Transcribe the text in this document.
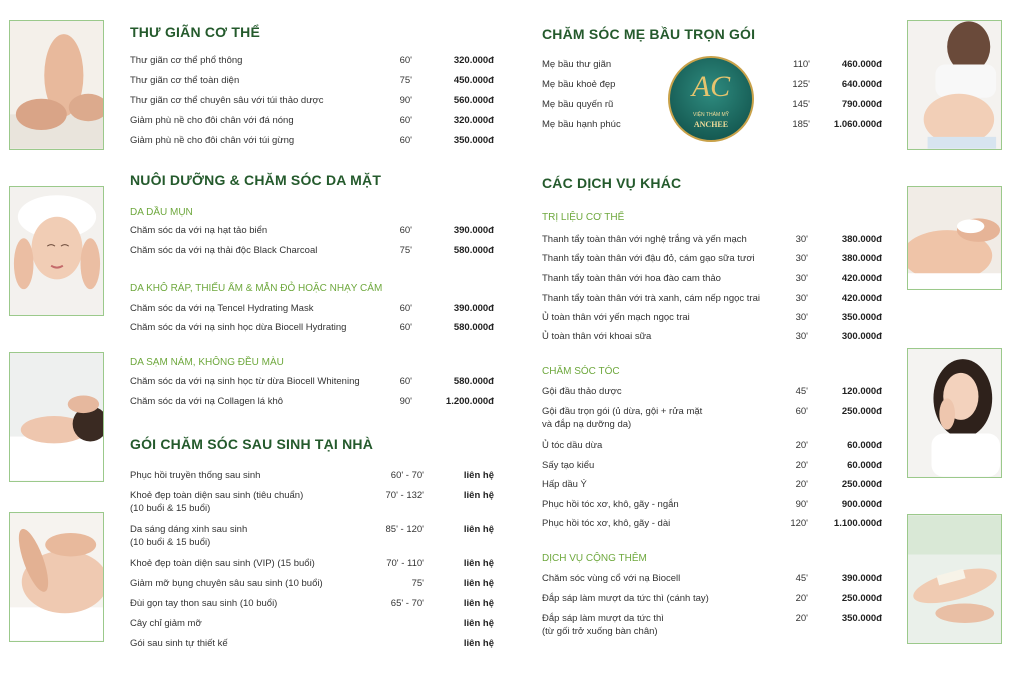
AC
VIỆN THẨM MỸ
ANCHEE
THƯ GIÃN CƠ THỂ
Thư giãn cơ thể phổ thông	60'	320.000đ
Thư giãn cơ thể toàn diện	75'	450.000đ
Thư giãn cơ thể chuyên sâu với túi thảo dược	90'	560.000đ
Giảm phù nề cho đôi chân với đá nóng	60'	320.000đ
Giảm phù nề cho đôi chân với túi gừng	60'	350.000đ
NUÔI DƯỠNG & CHĂM SÓC DA MẶT
DA DẦU MỤN
Chăm sóc da với nạ hạt tảo biển	60'	390.000đ
Chăm sóc da với nạ thải độc Black Charcoal	75'	580.000đ
DA KHÔ RÁP, THIẾU ẨM & MẪN ĐỎ HOẶC NHẠY CẢM
Chăm sóc da với nạ Tencel Hydrating Mask	60'	390.000đ
Chăm sóc da với nạ sinh học dừa Biocell Hydrating	60'	580.000đ
DA SẠM NÁM, KHÔNG ĐỀU MÀU
Chăm sóc da với nạ sinh học từ dừa Biocell Whitening	60'	580.000đ
Chăm sóc da với nạ Collagen lá khô	90'	1.200.000đ
GÓI CHĂM SÓC SAU SINH TẠI NHÀ
Phục hồi truyền thống sau sinh	60' - 70'	liên hệ
Khoẻ đẹp toàn diện sau sinh (tiêu chuẩn)
(10 buổi & 15 buổi)
70' - 132'	liên hệ
Da sáng dáng xinh sau sinh
(10 buổi & 15 buổi)
85' - 120'	liên hệ
Khoẻ đẹp toàn diện sau sinh (VIP) (15 buổi)	70' - 110'	liên hệ
Giảm mỡ bụng chuyên sâu sau sinh (10 buổi)	75'	liên hệ
Đùi gọn tay thon sau sinh (10 buổi)	65' - 70'	liên hệ
Cây chỉ giảm mỡ	liên hệ
Gói sau sinh tự thiết kế	liên hệ
CHĂM SÓC MẸ BẦU TRỌN GÓI
Mẹ bầu thư giãn	110'	460.000đ
Mẹ bầu khoẻ đẹp	125'	640.000đ
Mẹ bầu quyến rũ	145'	790.000đ
Mẹ bầu hạnh phúc	185'	1.060.000đ
CÁC DỊCH VỤ KHÁC
TRỊ LIỆU CƠ THỂ
Thanh tẩy toàn thân với nghệ trắng và yến mạch	30'	380.000đ
Thanh tẩy toàn thân với đậu đỏ, cám gạo sữa tươi	30'	380.000đ
Thanh tẩy toàn thân với hoa đào cam thảo	30'	420.000đ
Thanh tẩy toàn thân với trà xanh, cám nếp ngọc trai	30'	420.000đ
Ủ toàn thân với yến mạch ngọc trai	30'	350.000đ
Ủ toàn thân với khoai sữa	30'	300.000đ
CHĂM SÓC TÓC
Gội đầu thảo dược	45'	120.000đ
Gội đầu trọn gói (ủ dừa, gội + rửa mặt
và đắp nạ dưỡng da)
60'	250.000đ
Ủ tóc dầu dừa	20'	60.000đ
Sấy tạo kiểu	20'	60.000đ
Hấp dầu Ý	20'	250.000đ
Phục hồi tóc xơ, khô, gãy - ngắn	90'	900.000đ
Phục hồi tóc xơ, khô, gãy - dài	120'	1.100.000đ
DỊCH VỤ CỘNG THÊM
Chăm sóc vùng cổ với nạ Biocell	45'	390.000đ
Đắp sáp làm mượt da tức thì (cánh tay)	20'	250.000đ
Đắp sáp làm mượt da tức thì
(từ gối trở xuống bàn chân)
20'	350.000đ
